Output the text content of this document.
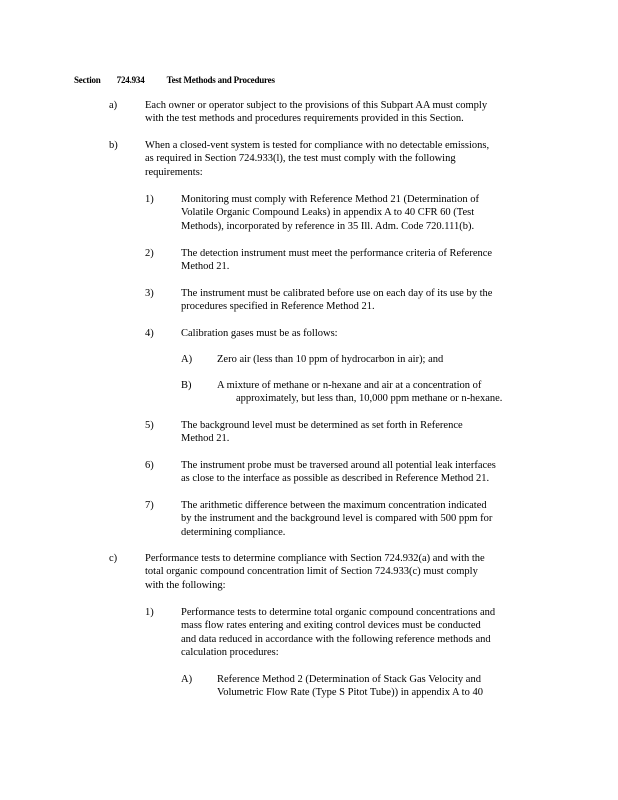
Section 724.934 Test Methods and Procedures
a)	Each owner or operator subject to the provisions of this Subpart AA must comply
with the test methods and procedures requirements provided in this Section.
b)	When a closed-vent system is tested for compliance with no detectable emissions,
as required in Section 724.933(l), the test must comply with the following
requirements:
1)	Monitoring must comply with Reference Method 21 (Determination of
Volatile Organic Compound Leaks) in appendix A to 40 CFR 60 (Test
Methods), incorporated by reference in 35 Ill. Adm. Code 720.111(b).
2)	The detection instrument must meet the performance criteria of Reference
Method 21.
3)	The instrument must be calibrated before use on each day of its use by the
procedures specified in Reference Method 21.
4)	Calibration gases must be as follows:
A) Zero air (less than 10 ppm of hydrocarbon in air); and
B) A mixture of methane or n-hexane and air at a concentration of
approximately, but less than, 10,000 ppm methane or n-hexane.
5)	The background level must be determined as set forth in Reference
Method 21.
6)	The instrument probe must be traversed around all potential leak interfaces
as close to the interface as possible as described in Reference Method 21.
7)	The arithmetic difference between the maximum concentration indicated
by the instrument and the background level is compared with 500 ppm for
determining compliance.
c)	Performance tests to determine compliance with Section 724.932(a) and with the
total organic compound concentration limit of Section 724.933(c) must comply
with the following:
1)	Performance tests to determine total organic compound concentrations and
mass flow rates entering and exiting control devices must be conducted
and data reduced in accordance with the following reference methods and
calculation procedures:
A) Reference Method 2 (Determination of Stack Gas Velocity and
Volumetric Flow Rate (Type S Pitot Tube)) in appendix A to 40
